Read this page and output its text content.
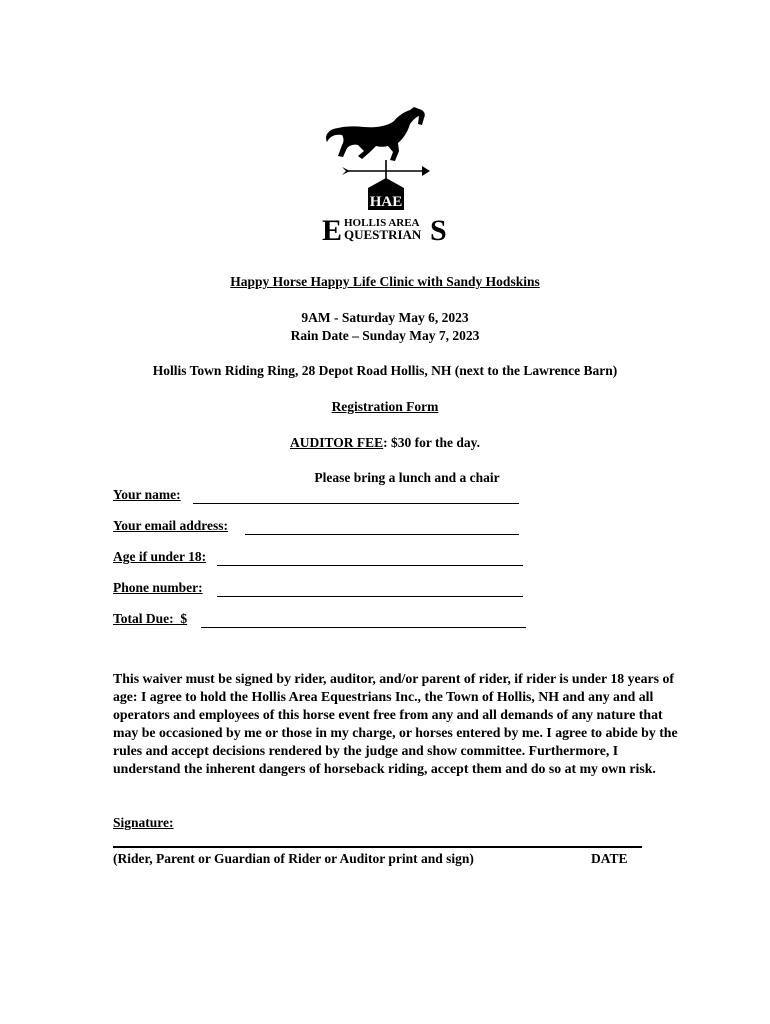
HAE
E HOLLIS AREA
QUESTRIAN S
Happy Horse Happy Life Clinic with Sandy Hodskins
9AM - Saturday May 6, 2023
Rain Date – Sunday May 7, 2023
Hollis Town Riding Ring, 28 Depot Road Hollis, NH (next to the Lawrence Barn)
Registration Form
AUDITOR FEE: $30 for the day.
Please bring a lunch and a chair
Your name:
Your email address:
Age if under 18:
Phone number:
Total Due:  $
This waiver must be signed by rider, auditor, and/or parent of rider, if rider is under 18 years of age: I agree to hold the Hollis Area Equestrians Inc., the Town of Hollis, NH and any and all operators and employees of this horse event free from any and all demands of any nature that may be occasioned by me or those in my charge, or horses entered by me. I agree to abide by the rules and accept decisions rendered by the judge and show committee. Furthermore, I understand the inherent dangers of horseback riding, accept them and do so at my own risk.
Signature:
(Rider, Parent or Guardian of Rider or Auditor print and sign)	DATE
